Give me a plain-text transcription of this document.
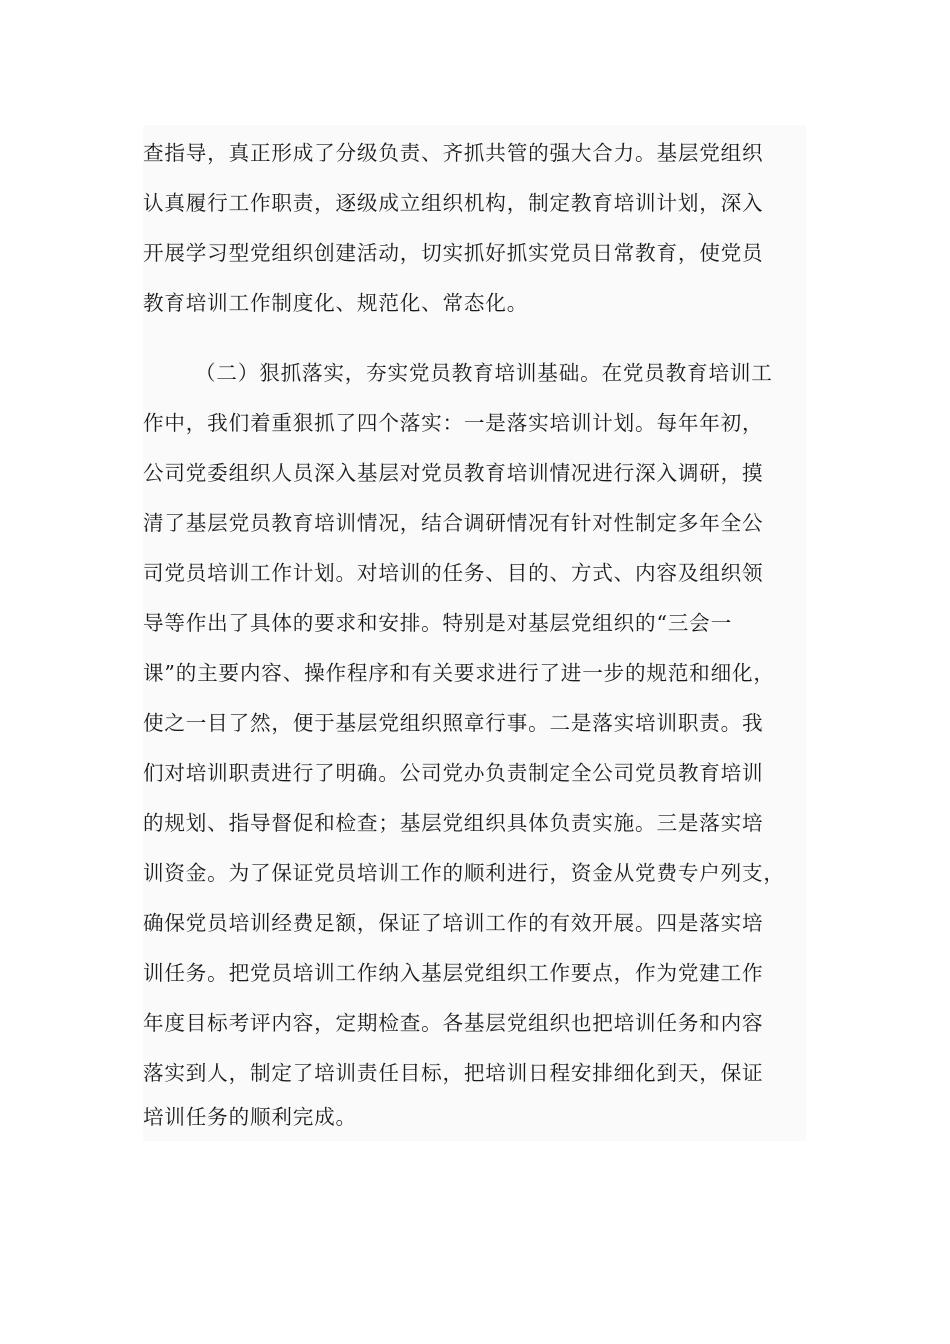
查指导，真正形成了分级负责、齐抓共管的强大合力。基层党组织
认真履行工作职责，逐级成立组织机构，制定教育培训计划，深入
开展学习型党组织创建活动，切实抓好抓实党员日常教育，使党员
教育培训工作制度化、规范化、常态化。
（二）狠抓落实，夯实党员教育培训基础。在党员教育培训工
作中，我们着重狠抓了四个落实：一是落实培训计划。每年年初，
公司党委组织人员深入基层对党员教育培训情况进行深入调研，摸
清了基层党员教育培训情况，结合调研情况有针对性制定多年全公
司党员培训工作计划。对培训的任务、目的、方式、内容及组织领
导等作出了具体的要求和安排。特别是对基层党组织的“三会一
课”的主要内容、操作程序和有关要求进行了进一步的规范和细化，
使之一目了然，便于基层党组织照章行事。二是落实培训职责。我
们对培训职责进行了明确。公司党办负责制定全公司党员教育培训
的规划、指导督促和检查；基层党组织具体负责实施。三是落实培
训资金。为了保证党员培训工作的顺利进行，资金从党费专户列支，
确保党员培训经费足额，保证了培训工作的有效开展。四是落实培
训任务。把党员培训工作纳入基层党组织工作要点，作为党建工作
年度目标考评内容，定期检查。各基层党组织也把培训任务和内容
落实到人，制定了培训责任目标，把培训日程安排细化到天，保证
培训任务的顺利完成。
